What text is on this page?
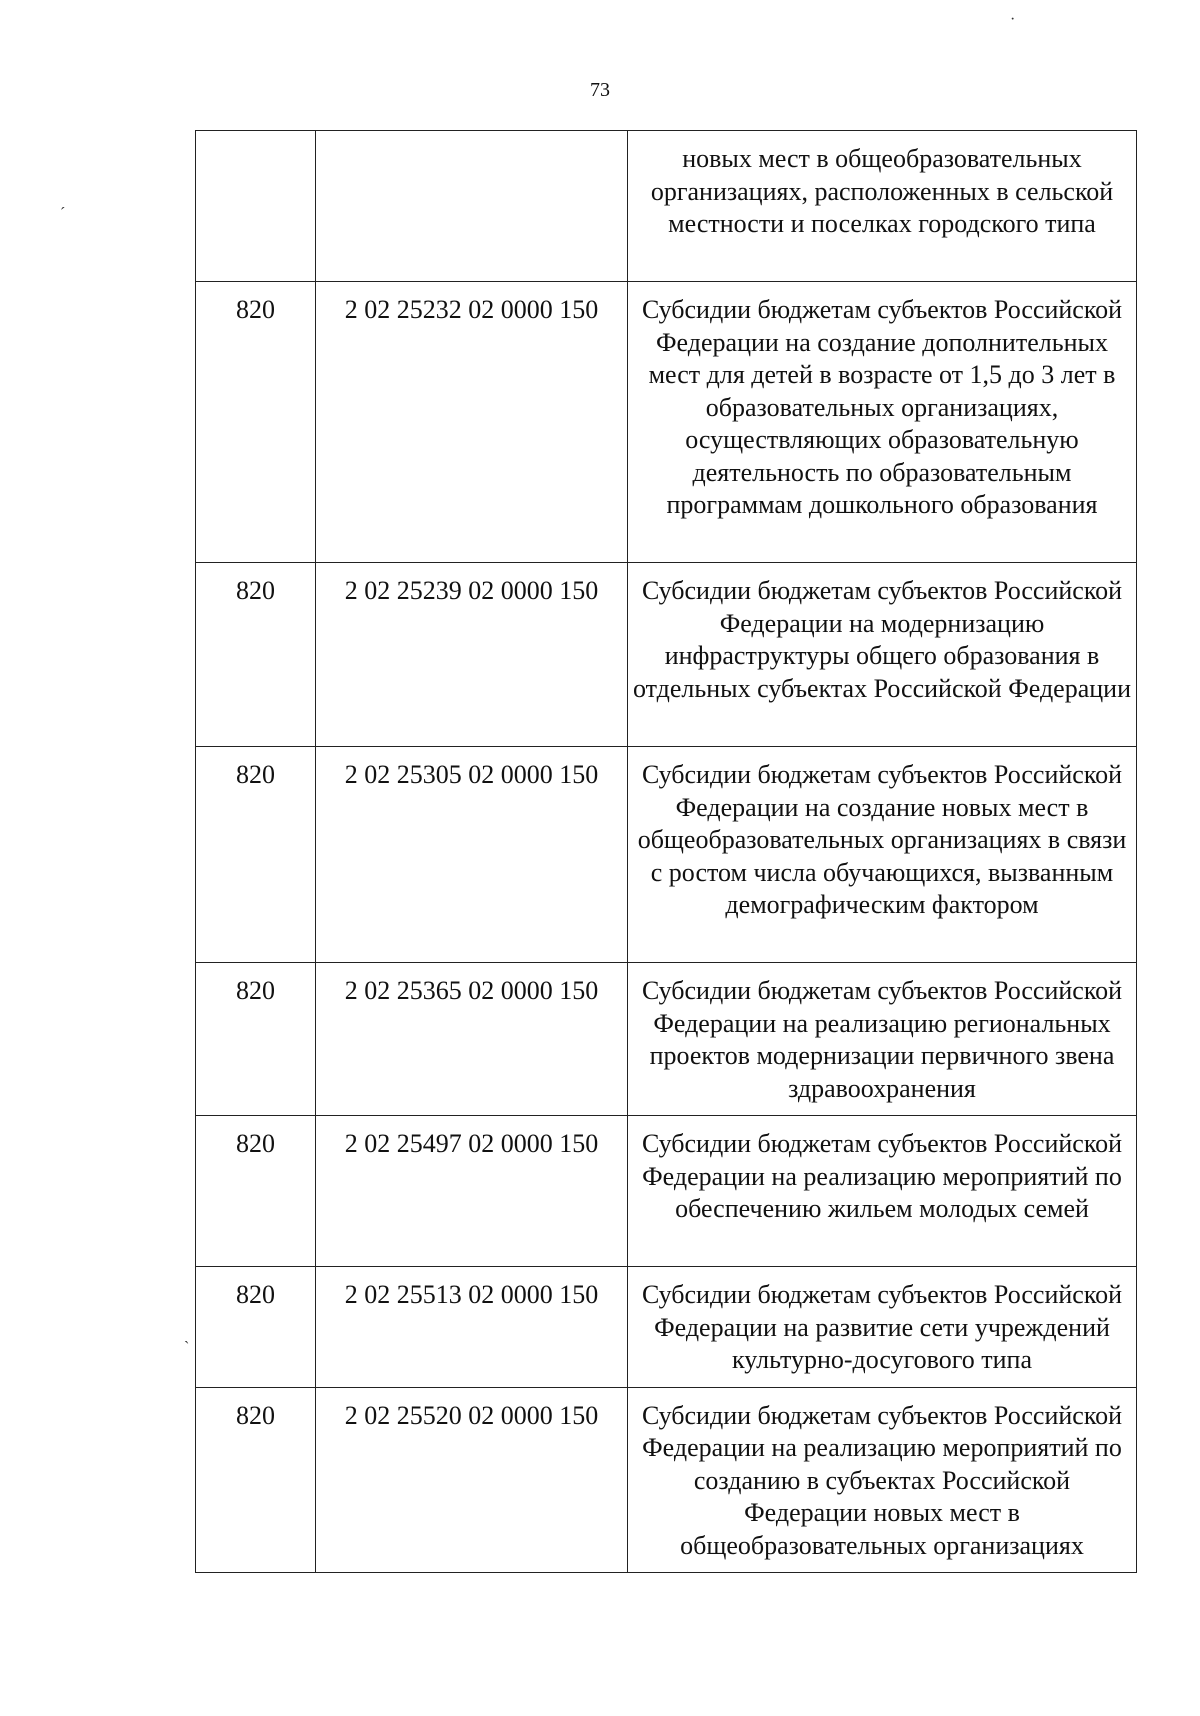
73
·
ˊ
ˋ
		новых мест в общеобразовательных организациях, расположенных в сельской местности и поселках городского типа
820	2 02 25232 02 0000 150	Субсидии бюджетам субъектов Российской Федерации на создание дополнительных мест для детей в возрасте от 1,5 до 3 лет в образовательных организациях, осуществляющих образовательную деятельность по образовательным программам дошкольного образования
820	2 02 25239 02 0000 150	Субсидии бюджетам субъектов Российской Федерации на модернизацию инфраструктуры общего образования в отдельных субъектах Российской Федерации
820	2 02 25305 02 0000 150	Субсидии бюджетам субъектов Российской Федерации на создание новых мест в общеобразовательных организациях в связи с ростом числа обучающихся, вызванным демографическим фактором
820	2 02 25365 02 0000 150	Субсидии бюджетам субъектов Российской Федерации на реализацию региональных проектов модернизации первичного звена здравоохранения
820	2 02 25497 02 0000 150	Субсидии бюджетам субъектов Российской Федерации на реализацию мероприятий по обеспечению жильем молодых семей
820	2 02 25513 02 0000 150	Субсидии бюджетам субъектов Российской Федерации на развитие сети учреждений культурно-досугового типа
820	2 02 25520 02 0000 150	Субсидии бюджетам субъектов Российской Федерации на реализацию мероприятий по созданию в субъектах Российской Федерации новых мест в общеобразовательных организациях
